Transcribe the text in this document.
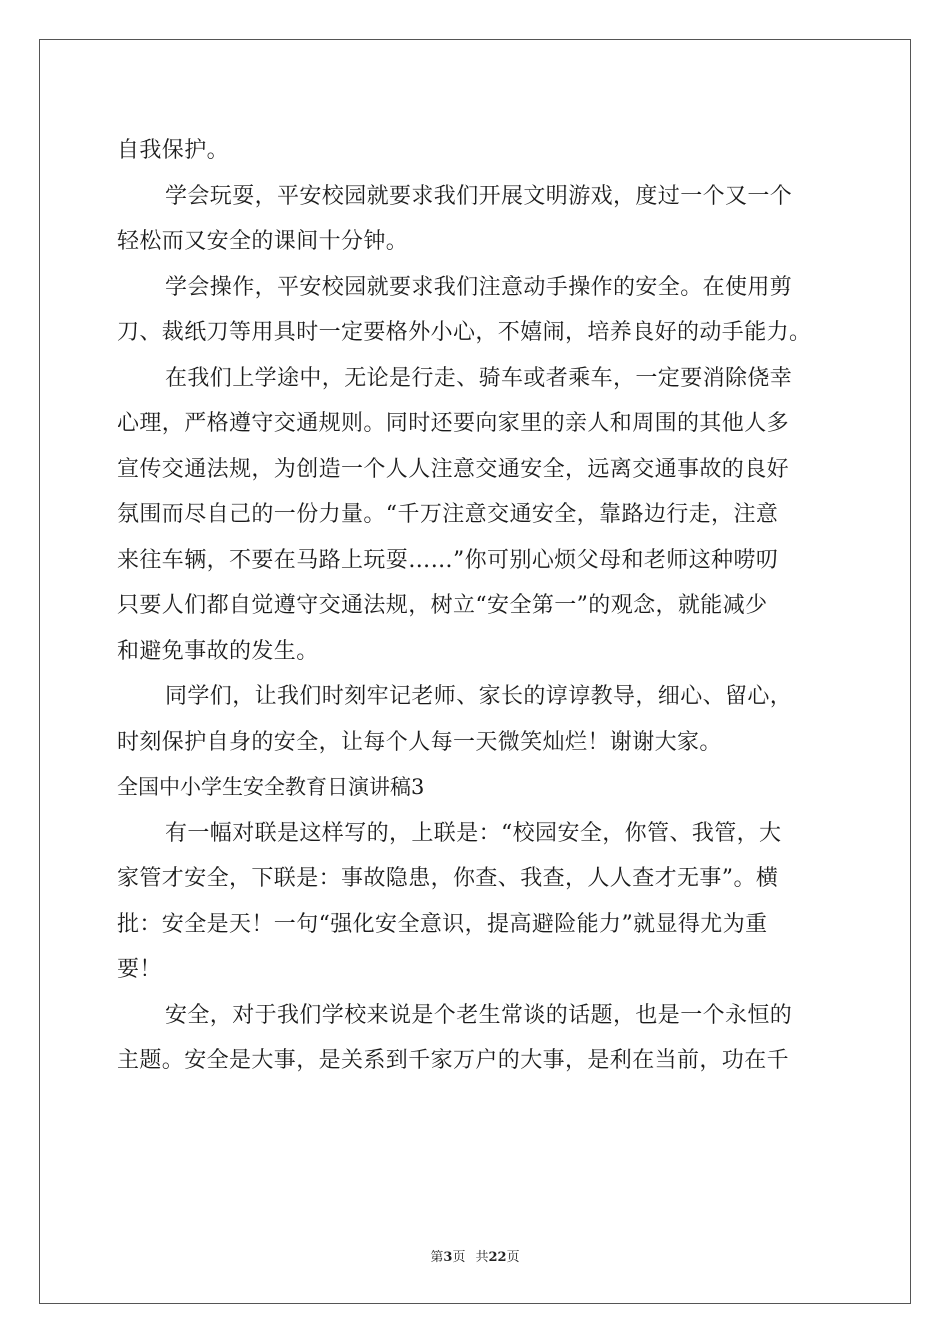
自我保护。
学会玩耍，平安校园就要求我们开展文明游戏，度过一个又一个
轻松而又安全的课间十分钟。
学会操作，平安校园就要求我们注意动手操作的安全。在使用剪
刀、裁纸刀等用具时一定要格外小心，不嬉闹，培养良好的动手能力。
在我们上学途中，无论是行走、骑车或者乘车，一定要消除侥幸
心理，严格遵守交通规则。同时还要向家里的亲人和周围的其他人多
宣传交通法规，为创造一个人人注意交通安全，远离交通事故的良好
氛围而尽自己的一份力量。“千万注意交通安全，靠路边行走，注意
来往车辆，不要在马路上玩耍……”你可别心烦父母和老师这种唠叨
只要人们都自觉遵守交通法规，树立“安全第一”的观念，就能减少
和避免事故的发生。
同学们，让我们时刻牢记老师、家长的谆谆教导，细心、留心，
时刻保护自身的安全，让每个人每一天微笑灿烂！谢谢大家。
全国中小学生安全教育日演讲稿3
有一幅对联是这样写的，上联是：“校园安全，你管、我管，大
家管才安全，下联是：事故隐患，你查、我查，人人查才无事”。横
批：安全是天！一句“强化安全意识，提高避险能力”就显得尤为重
要！
安全，对于我们学校来说是个老生常谈的话题，也是一个永恒的
主题。安全是大事，是关系到千家万户的大事，是利在当前，功在千
第3页 共22页
